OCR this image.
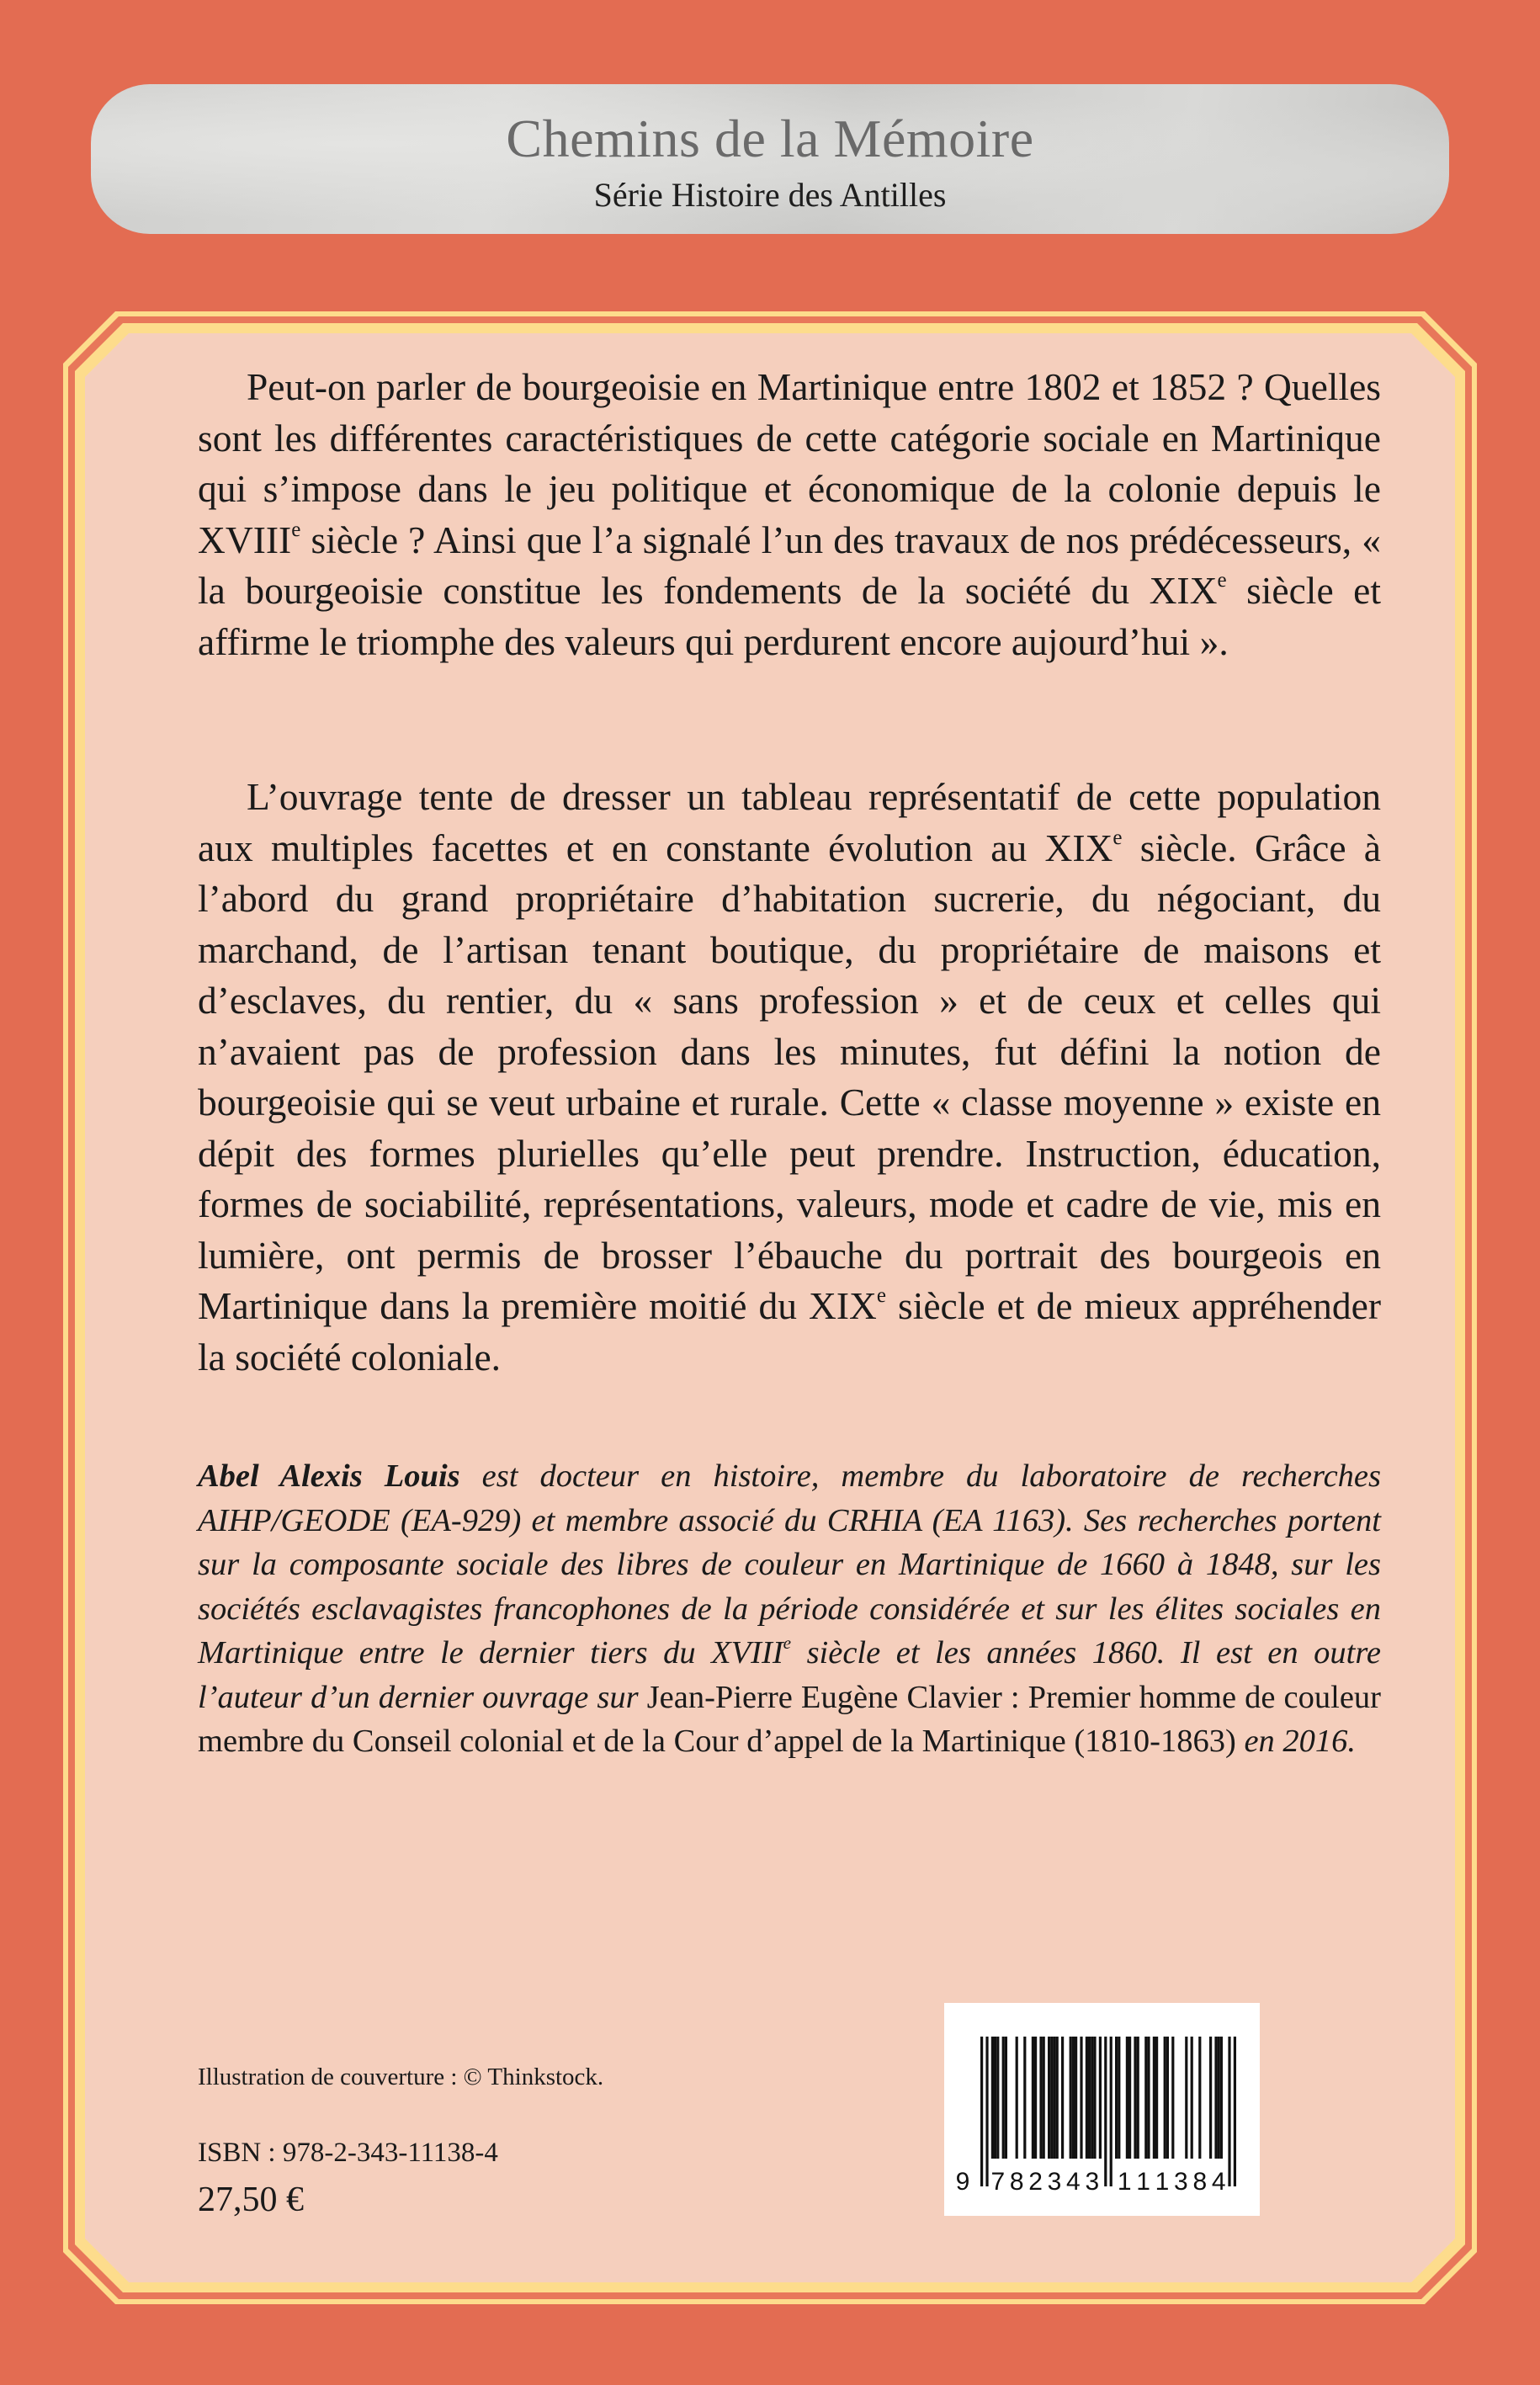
Chemins de la Mémoire
Série Histoire des Antilles

Peut-on parler de bourgeoisie en Martinique entre 1802 et 1852 ? Quelles sont les différentes caractéristiques de cette catégorie sociale en Martinique qui s’impose dans le jeu politique et économique de la colonie depuis le XVIIIe siècle ? Ainsi que l’a signalé l’un des travaux de nos prédécesseurs, « la bourgeoisie constitue les fondements de la société du XIXe siècle et affirme le triomphe des valeurs qui perdurent encore aujourd’hui ».

L’ouvrage tente de dresser un tableau représentatif de cette population aux multiples facettes et en constante évolution au XIXe siècle. Grâce à l’abord du grand propriétaire d’habitation sucrerie, du négociant, du marchand, de l’artisan tenant boutique, du propriétaire de maisons et d’esclaves, du rentier, du « sans profession » et de ceux et celles qui n’avaient pas de profession dans les minutes, fut défini la notion de bourgeoisie qui se veut urbaine et rurale. Cette « classe moyenne » existe en dépit des formes plurielles qu’elle peut prendre. Instruction, éducation, formes de sociabilité, représentations, valeurs, mode et cadre de vie, mis en lumière, ont permis de brosser l’ébauche du portrait des bourgeois en Martinique dans la première moitié du XIXe siècle et de mieux appréhender la société coloniale.

Abel Alexis Louis est docteur en histoire, membre du laboratoire de recherches AIHP/GEODE (EA-929) et membre associé du CRHIA (EA 1163). Ses recherches portent sur la composante sociale des libres de couleur en Martinique de 1660 à 1848, sur les sociétés esclavagistes francophones de la période considérée et sur les élites sociales en Martinique entre le dernier tiers du XVIIIe siècle et les années 1860. Il est en outre l’auteur d’un dernier ouvrage sur Jean-Pierre Eugène Clavier : Premier homme de couleur membre du Conseil colonial et de la Cour d’appel de la Martinique (1810-1863) en 2016.

Illustration de couverture : © Thinkstock.
ISBN : 978-2-343-11138-4
27,50 €	9 7 8 2 3 4 3 1 1 1 3 8 4
